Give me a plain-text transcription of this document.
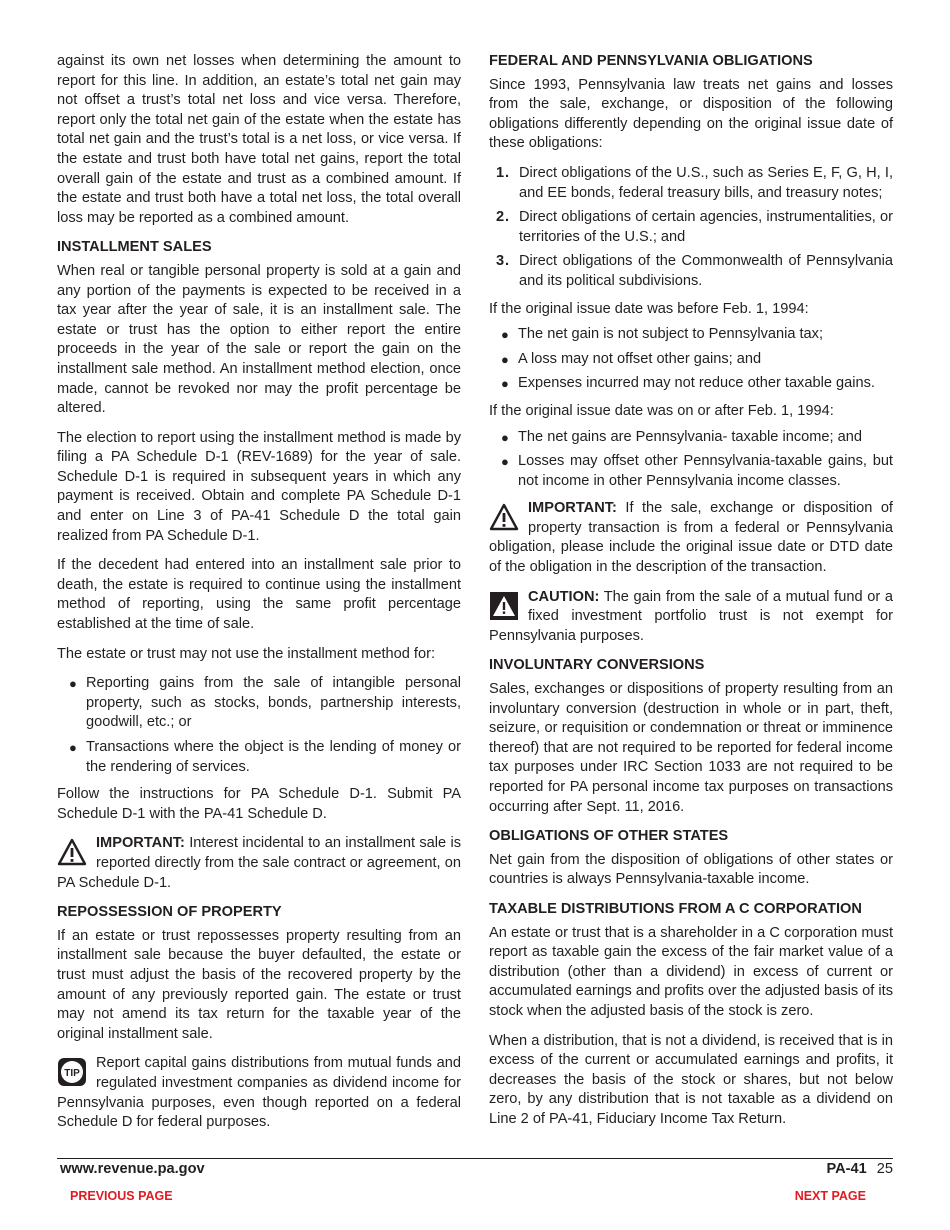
against its own net losses when determining the amount to report for this line. In addition, an estate’s total net gain may not offset a trust’s total net loss and vice versa. Therefore, report only the total net gain of the estate when the estate has total net gain and the trust’s total is a net loss, or vice versa. If the estate and trust both have total net gains, report the total overall gain of the estate and trust as a combined amount. If the estate and trust both have a total net loss, the total overall loss may be reported as a combined amount.

INSTALLMENT SALES

When real or tangible personal property is sold at a gain and any portion of the payments is expected to be received in a tax year after the year of sale, it is an installment sale. The estate or trust has the option to either report the entire proceeds in the year of the sale or report the gain on the installment sale method. An installment method election, once made, cannot be revoked nor may the profit percentage be altered.

The election to report using the installment method is made by filing a PA Schedule D-1 (REV-1689) for the year of sale. Schedule D-1 is required in subsequent years in which any payment is received. Obtain and complete PA Schedule D-1 and enter on Line 3 of PA-41 Schedule D the total gain realized from PA Schedule D-1.

If the decedent had entered into an installment sale prior to death, the estate is required to continue using the installment method of reporting, using the same profit percentage established at the time of sale.

The estate or trust may not use the installment method for:

● Reporting gains from the sale of intangible personal property, such as stocks, bonds, partnership interests, goodwill, etc.; or
● Transactions where the object is the lending of money or the rendering of services.

Follow the instructions for PA Schedule D-1. Submit PA Schedule D-1 with the PA-41 Schedule D.

IMPORTANT: Interest incidental to an installment sale is reported directly from the sale contract or agreement, on PA Schedule D-1.
REPOSSESSION OF PROPERTY

If an estate or trust repossesses property resulting from an installment sale because the buyer defaulted, the estate or trust must adjust the basis of the recovered property by the amount of any previously reported gain. The estate or trust may not amend its tax return for the taxable year of the original installment sale.

TIP
Report capital gains distributions from mutual funds and regulated investment companies as dividend income for Pennsylvania purposes, even though reported on a federal Schedule D for federal purposes.
FEDERAL AND PENNSYLVANIA OBLIGATIONS

Since 1993, Pennsylvania law treats net gains and losses from the sale, exchange, or disposition of the following obligations differently depending on the original issue date of these obligations:

1 . Direct obligations of the U.S., such as Series E, F, G, H, I, and EE bonds, federal treasury bills, and treasury notes;
2 . Direct obligations of certain agencies, instrumentalities, or territories of the U.S.; and
3 . Direct obligations of the Commonwealth of Pennsylvania and its political subdivisions.

If the original issue date was before Feb. 1, 1994:

● The net gain is not subject to Pennsylvania tax;
● A loss may not offset other gains; and
● Expenses incurred may not reduce other taxable gains.

If the original issue date was on or after Feb. 1, 1994:

● The net gains are Pennsylvania- taxable income; and
● Losses may offset other Pennsylvania-taxable gains, but not income in other Pennsylvania income classes.
IMPORTANT: If the sale, exchange or disposition of property transaction is from a federal or Pennsylvania obligation, please include the original issue date or DTD date of the obligation in the description of the transaction.
CAUTION: The gain from the sale of a mutual fund or a fixed investment portfolio trust is not exempt for Pennsylvania purposes.
INVOLUNTARY CONVERSIONS

Sales, exchanges or dispositions of property resulting from an involuntary conversion (destruction in whole or in part, theft, seizure, or requisition or condemnation or threat or imminence thereof) that are not required to be reported for federal income tax purposes under IRC Section 1033 are not required to be reported for PA personal income tax purposes on transactions occurring after Sept. 11, 2016.

OBLIGATIONS OF OTHER STATES

Net gain from the disposition of obligations of other states or countries is always Pennsylvania-taxable income.

TAXABLE DISTRIBUTIONS FROM A C CORPORATION

An estate or trust that is a shareholder in a C corporation must report as taxable gain the excess of the fair market value of a distribution (other than a dividend) in excess of current or accumulated earnings and profits over the adjusted basis of its stock when the adjusted basis of the stock is zero.

When a distribution, that is not a dividend, is received that is in excess of the current or accumulated earnings and profits, it decreases the basis of the stock or shares, but not below zero, by any distribution that is not taxable as a dividend on Line 2 of PA-41, Fiduciary Income Tax Return.

www.revenue.pa.gov	PA-41 25
PREVIOUS PAGE	NEXT PAGE
